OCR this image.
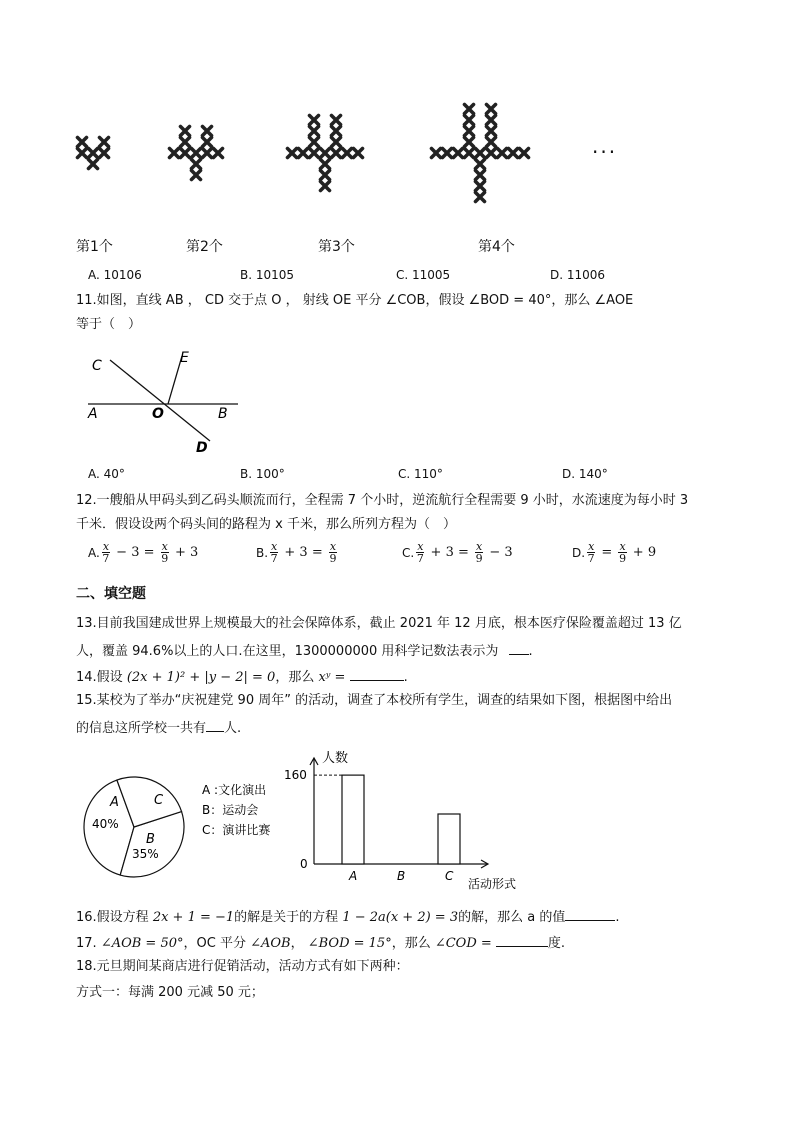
···
第1个	第2个	第3个	第4个
A. 10106	B. 10105	C. 11005	D. 11006
11.如图，直线 AB ， CD 交于点 O ， 射线 OE 平分 ∠COB，假设 ∠BOD = 40°，那么 ∠AOE
等于（　）
C	E
A	O	B
D
A. 40°	B. 100°	C. 110°	D. 140°
12.一艘船从甲码头到乙码头顺流而行，全程需 7 个小时，逆流航行全程需要 9 小时，水流速度为每小时 3
千米．假设设两个码头间的路程为 x 千米，那么所列方程为（　）
A. $\frac{x}{7} - 3 = \frac{x}{9} + 3$	B. $\frac{x}{7} + 3 = \frac{x}{9}$	C. $\frac{x}{7} + 3 = \frac{x}{9} - 3$	D. $\frac{x}{7} = \frac{x}{9} + 9$
二、填空题
13.目前我国建成世界上规模最大的社会保障体系，截止 2021 年 12 月底，根本医疗保险覆盖超过 13 亿
人，覆盖 94.6%以上的人口.在这里，1300000000 用科学记数法表示为 .
14.假设 (2x + 1)² + |y − 2| = 0，那么 xʸ =	.
15.某校为了举办“庆祝建党 90 周年” 的活动，调查了本校所有学生，调查的结果如下图，根据图中给出
的信息这所学校一共有 人.
A :文化演出
B：运动会
C：演讲比赛
A
40%
B
35%
C
人数
活动形式
0
160
A	B	C
16.假设方程 2x + 1 = −1的解是关于的方程 1 − 2a(x + 2) = 3的解，那么 a 的值	.
17. ∠AOB = 50°，OC 平分 ∠AOB， ∠BOD = 15°，那么 ∠COD =	度.
18.元旦期间某商店进行促销活动，活动方式有如下两种：
方式一：每满 200 元减 50 元；
